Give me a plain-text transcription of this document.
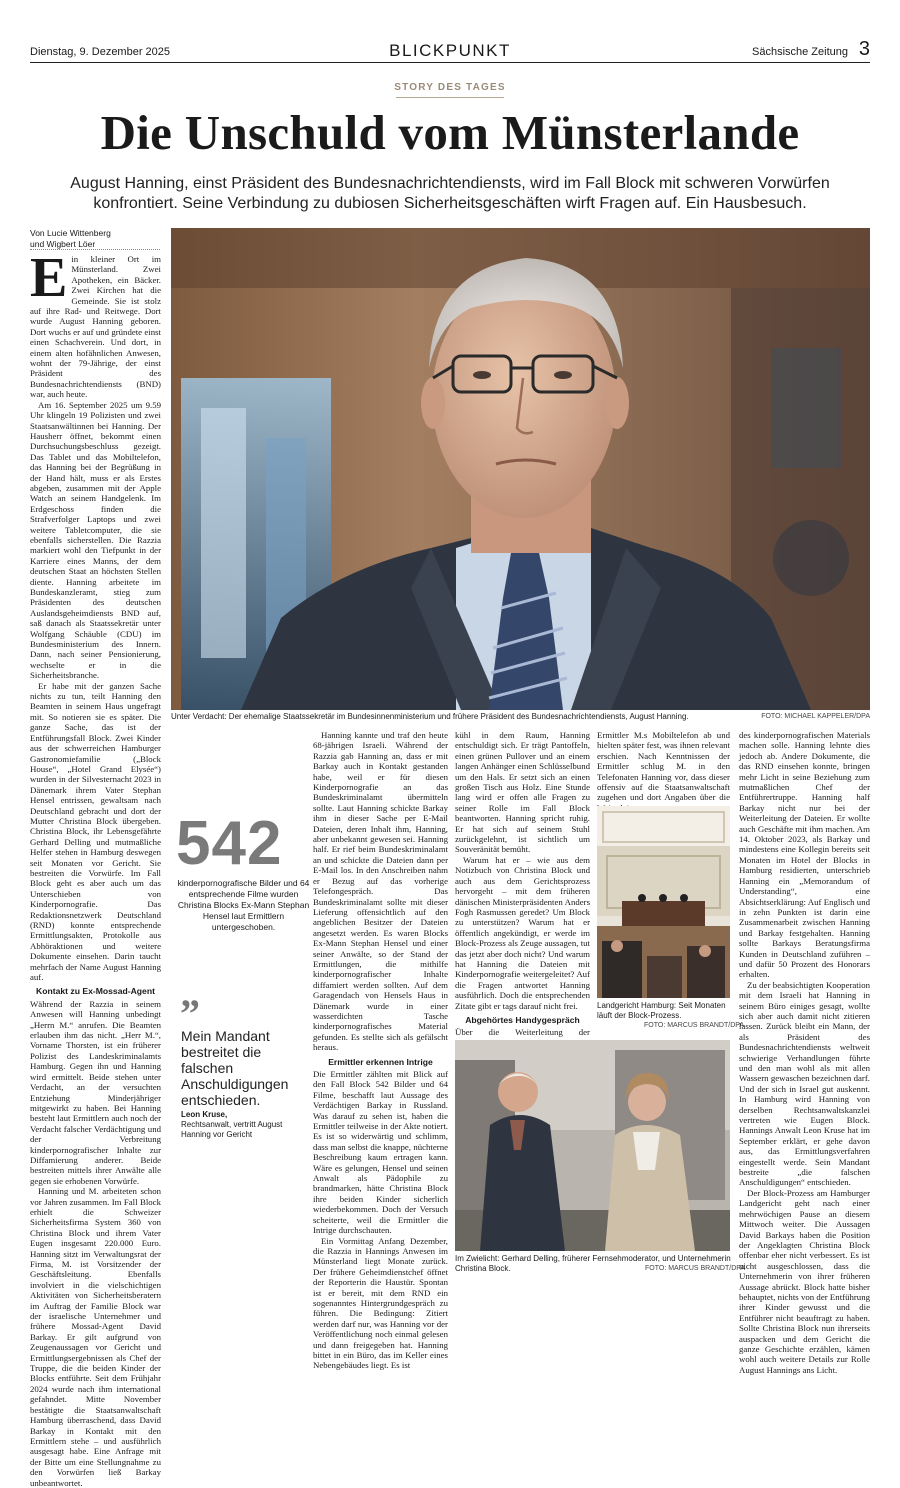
Dienstag, 9. Dezember 2025	BLICKPUNKT	Sächsische Zeitung 3
STORY DES TAGES
Die Unschuld vom Münsterlande
August Hanning, einst Präsident des Bundesnachrichtendiensts, wird im Fall Block mit schweren Vorwürfen konfrontiert. Seine Verbindung zu dubiosen Sicherheitsgeschäften wirft Fragen auf. Ein Hausbesuch.
Von Lucie Wittenberg
und Wigbert Löer
E in kleiner Ort im Münsterland. Zwei Apotheken, ein Bäcker. Zwei Kirchen hat die Gemeinde. Sie ist stolz auf ihre Rad- und Reitwege. Dort wurde August Hanning geboren. Dort wuchs er auf und gründete einst einen Schachverein. Und dort, in einem alten hofähnlichen Anwesen, wohnt der 79-Jährige, der einst Präsident des Bundesnachrichtendiensts (BND) war, auch heute.

Am 16. September 2025 um 9.59 Uhr klingeln 19 Polizisten und zwei Staatsanwältinnen bei Hanning. Der Hausherr öffnet, bekommt einen Durchsuchungsbeschluss gezeigt. Das Tablet und das Mobiltelefon, das Hanning bei der Begrüßung in der Hand hält, muss er als Erstes abgeben, zusammen mit der Apple Watch an seinem Handgelenk. Im Erdgeschoss finden die Strafverfolger Laptops und zwei weitere Tabletcomputer, die sie ebenfalls sicherstellen. Die Razzia markiert wohl den Tiefpunkt in der Karriere eines Manns, der dem deutschen Staat an höchsten Stellen diente. Hanning arbeitete im Bundeskanzleramt, stieg zum Präsidenten des deutschen Auslandsgeheimdiensts BND auf, saß danach als Staatssekretär unter Wolfgang Schäuble (CDU) im Bundesministerium des Innern. Dann, nach seiner Pensionierung, wechselte er in die Sicherheitsbranche.

Er habe mit der ganzen Sache nichts zu tun, teilt Hanning den Beamten in seinem Haus ungefragt mit. So notieren sie es später. Die ganze Sache, das ist der Entführungsfall Block. Zwei Kinder aus der schwerreichen Hamburger Gastronomiefamilie („Block House“, „Hotel Grand Elysée“) wurden in der Silvesternacht 2023 in Dänemark ihrem Vater Stephan Hensel entrissen, gewaltsam nach Deutschland gebracht und dort der Mutter Christina Block übergeben. Christina Block, ihr Lebensgefährte Gerhard Delling und mutmaßliche Helfer stehen in Hamburg deswegen seit Monaten vor Gericht. Sie bestreiten die Vorwürfe. Im Fall Block geht es aber auch um das Unterschieben von Kinderpornografie. Das Redaktionsnetzwerk Deutschland (RND) konnte entsprechende Ermittlungsakten, Protokolle aus Abhöraktionen und weitere Dokumente einsehen. Darin taucht mehrfach der Name August Hanning auf.

Kontakt zu Ex-Mossad-Agent

Während der Razzia in seinem Anwesen will Hanning unbedingt „Herrn M.“ anrufen. Die Beamten erlauben ihm das nicht. „Herr M.“, Vorname Thorsten, ist ein früherer Polizist des Landeskriminalamts Hamburg. Gegen ihn und Hanning wird ermittelt. Beide stehen unter Verdacht, an der versuchten Entziehung Minderjähriger mitgewirkt zu haben. Bei Hanning besteht laut Ermittlern auch noch der Verdacht falscher Verdächtigung und der Verbreitung kinderpornografischer Inhalte zur Diffamierung anderer. Beide bestreiten mittels ihrer Anwälte alle gegen sie erhobenen Vorwürfe.

Hanning und M. arbeiteten schon vor Jahren zusammen. Im Fall Block erhielt die Schweizer Sicherheitsfirma System 360 von Christina Block und ihrem Vater Eugen insgesamt 220.000 Euro. Hanning sitzt im Verwaltungsrat der Firma, M. ist Vorsitzender der Geschäftsleitung. Ebenfalls involviert in die vielschichtigen Aktivitäten von Sicherheitsberatern im Auftrag der Familie Block war der israelische Unternehmer und frühere Mossad-Agent David Barkay. Er gilt aufgrund von Zeugenaussagen vor Gericht und Ermittlungsergebnissen als Chef der Truppe, die die beiden Kinder der Blocks entführte. Seit dem Frühjahr 2024 wurde nach ihm international gefahndet. Mitte November bestätigte die Staatsanwaltschaft Hamburg überraschend, dass David Barkay in Kontakt mit den Ermittlern stehe – und ausführlich ausgesagt habe. Eine Anfrage mit der Bitte um eine Stellungnahme zu den Vorwürfen ließ Barkay unbeantwortet.

Unter Verdacht: Der ehemalige Staatssekretär im Bundesinnenministerium und frühere Präsident des Bundesnachrichtendiensts, August Hanning.	FOTO: MICHAEL KAPPELER/DPA
542
kinderpornografische Bilder und 64 entsprechende Filme wurden Christina Blocks Ex-Mann Stephan Hensel laut Ermittlern untergeschoben.
”
Mein Mandant bestreitet die falschen Anschuldigungen entschieden.
Leon Kruse,
Rechtsanwalt, vertritt August Hanning vor Gericht

Hanning kannte und traf den heute 68-jährigen Israeli. Während der Razzia gab Hanning an, dass er mit Barkay auch in Kontakt gestanden habe, weil er für diesen Kinderpornografie an das Bundeskriminalamt übermitteln sollte. Laut Hanning schickte Barkay ihm in dieser Sache per E-Mail Dateien, deren Inhalt ihm, Hanning, aber unbekannt gewesen sei. Hanning half. Er rief beim Bundeskriminalamt an und schickte die Dateien dann per E-Mail los. In den Anschreiben nahm er Bezug auf das vorherige Telefongespräch. Das Bundeskriminalamt sollte mit dieser Lieferung offensichtlich auf den angeblichen Besitzer der Dateien angesetzt werden. Es waren Blocks Ex-Mann Stephan Hensel und einer seiner Anwälte, so der Stand der Ermittlungen, die mithilfe kinderpornografischer Inhalte diffamiert werden sollten. Auf dem Garagendach von Hensels Haus in Dänemark wurde in einer wasserdichten Tasche kinderpornografisches Material gefunden. Es stellte sich als gefälscht heraus.

Ermittler erkennen Intrige

Die Ermittler zählten mit Blick auf den Fall Block 542 Bilder und 64 Filme, beschafft laut Aussage des Verdächtigen Barkay in Russland. Was darauf zu sehen ist, haben die Ermittler teilweise in der Akte notiert. Es ist so widerwärtig und schlimm, dass man selbst die knappe, nüchterne Beschreibung kaum ertragen kann. Wäre es gelungen, Hensel und seinen Anwalt als Pädophile zu brandmarken, hätte Christina Block ihre beiden Kinder sicherlich wiederbekommen. Doch der Versuch scheiterte, weil die Ermittler die Intrige durchschauten.

Ein Vormittag Anfang Dezember, die Razzia in Hannings Anwesen im Münsterland liegt Monate zurück. Der frühere Geheimdienstchef öffnet der Reporterin die Haustür. Spontan ist er bereit, mit dem RND ein sogenanntes Hintergrundgespräch zu führen. Die Bedingung: Zitiert werden darf nur, was Hanning vor der Veröffentlichung noch einmal gelesen und dann freigegeben hat. Hanning bittet in ein Büro, das im Keller eines Nebengebäudes liegt. Es ist

kühl in dem Raum, Hanning entschuldigt sich. Er trägt Pantoffeln, einen grünen Pullover und an einem langen Anhänger einen Schlüsselbund um den Hals. Er setzt sich an einen großen Tisch aus Holz. Eine Stunde lang wird er offen alle Fragen zu seiner Rolle im Fall Block beantworten. Hanning spricht ruhig. Er hat sich auf seinem Stuhl zurückgelehnt, ist sichtlich um Souveränität bemüht.

Warum hat er – wie aus dem Notizbuch von Christina Block und auch aus dem Gerichtsprozess hervorgeht – mit dem früheren dänischen Ministerpräsidenten Anders Fogh Rasmussen geredet? Um Block zu unterstützen? Warum hat er öffentlich angekündigt, er werde im Block-Prozess als Zeuge aussagen, tut das jetzt aber doch nicht? Und warum hat Hanning die Dateien mit Kinderpornografie weitergeleitet? Auf die Fragen antwortet Hanning ausführlich. Doch die entsprechenden Zitate gibt er tags darauf nicht frei.

Abgehörtes Handygespräch

Über die Weiterleitung der

Ermittler M.s Mobiltelefon ab und hielten später fest, was ihnen relevant erschien. Nach Kenntnissen der Ermittler schlug M. in den Telefonaten Hanning vor, dass dieser offensiv auf die Staatsanwaltschaft zugehen und dort Angaben über die

Landgericht Hamburg: Seit Monaten läuft der Block-Prozess.
FOTO: MARCUS BRANDT/DPA
Im Zwielicht: Gerhard Delling, früherer Fernsehmoderator, und Unternehmerin Christina Block.	FOTO: MARCUS BRANDT/DPA

des kinderpornografischen Materials machen solle. Hanning lehnte dies jedoch ab. Andere Dokumente, die das RND einsehen konnte, bringen mehr Licht in seine Beziehung zum mutmaßlichen Chef der Entführertruppe. Hanning half Barkay nicht nur bei der Weiterleitung der Dateien. Er wollte auch Geschäfte mit ihm machen. Am 14. Oktober 2023, als Barkay und mindestens eine Kollegin bereits seit Monaten im Hotel der Blocks in Hamburg residierten, unterschrieb Hanning ein „Memorandum of Understanding“, eine Absichtserklärung: Auf Englisch und in zehn Punkten ist darin eine Zusammenarbeit zwischen Hanning und Barkay festgehalten. Hanning sollte Barkays Beratungsfirma Kunden in Deutschland zuführen – und dafür 50 Prozent des Honorars erhalten.

Zu der beabsichtigten Kooperation mit dem Israeli hat Hanning in seinem Büro einiges gesagt, wollte sich aber auch damit nicht zitieren lassen. Zurück bleibt ein Mann, der als Präsident des Bundesnachrichtendiensts weltweit schwierige Verhandlungen führte und den man wohl als mit allen Wassern gewaschen bezeichnen darf. Und der sich in Israel gut auskennt. In Hamburg wird Hanning von derselben Rechtsanwaltskanzlei vertreten wie Eugen Block. Hannings Anwalt Leon Kruse hat im September erklärt, er gehe davon aus, das Ermittlungsverfahren eingestellt werde. Sein Mandant bestreite „die falschen Anschuldigungen“ entschieden.

Der Block-Prozess am Hamburger Landgericht geht nach einer mehrwöchigen Pause an diesem Mittwoch weiter. Die Aussagen David Barkays haben die Position der Angeklagten Christina Block offenbar eher nicht verbessert. Es ist nicht ausgeschlossen, dass die Unternehmerin von ihrer früheren Aussage abrückt. Block hatte bisher behauptet, nichts von der Entführung ihrer Kinder gewusst und die Entführer nicht beauftragt zu haben. Sollte Christina Block nun ihrerseits auspacken und dem Gericht die ganze Geschichte erzählen, kämen wohl auch weitere Details zur Rolle August Hannings ans Licht.
